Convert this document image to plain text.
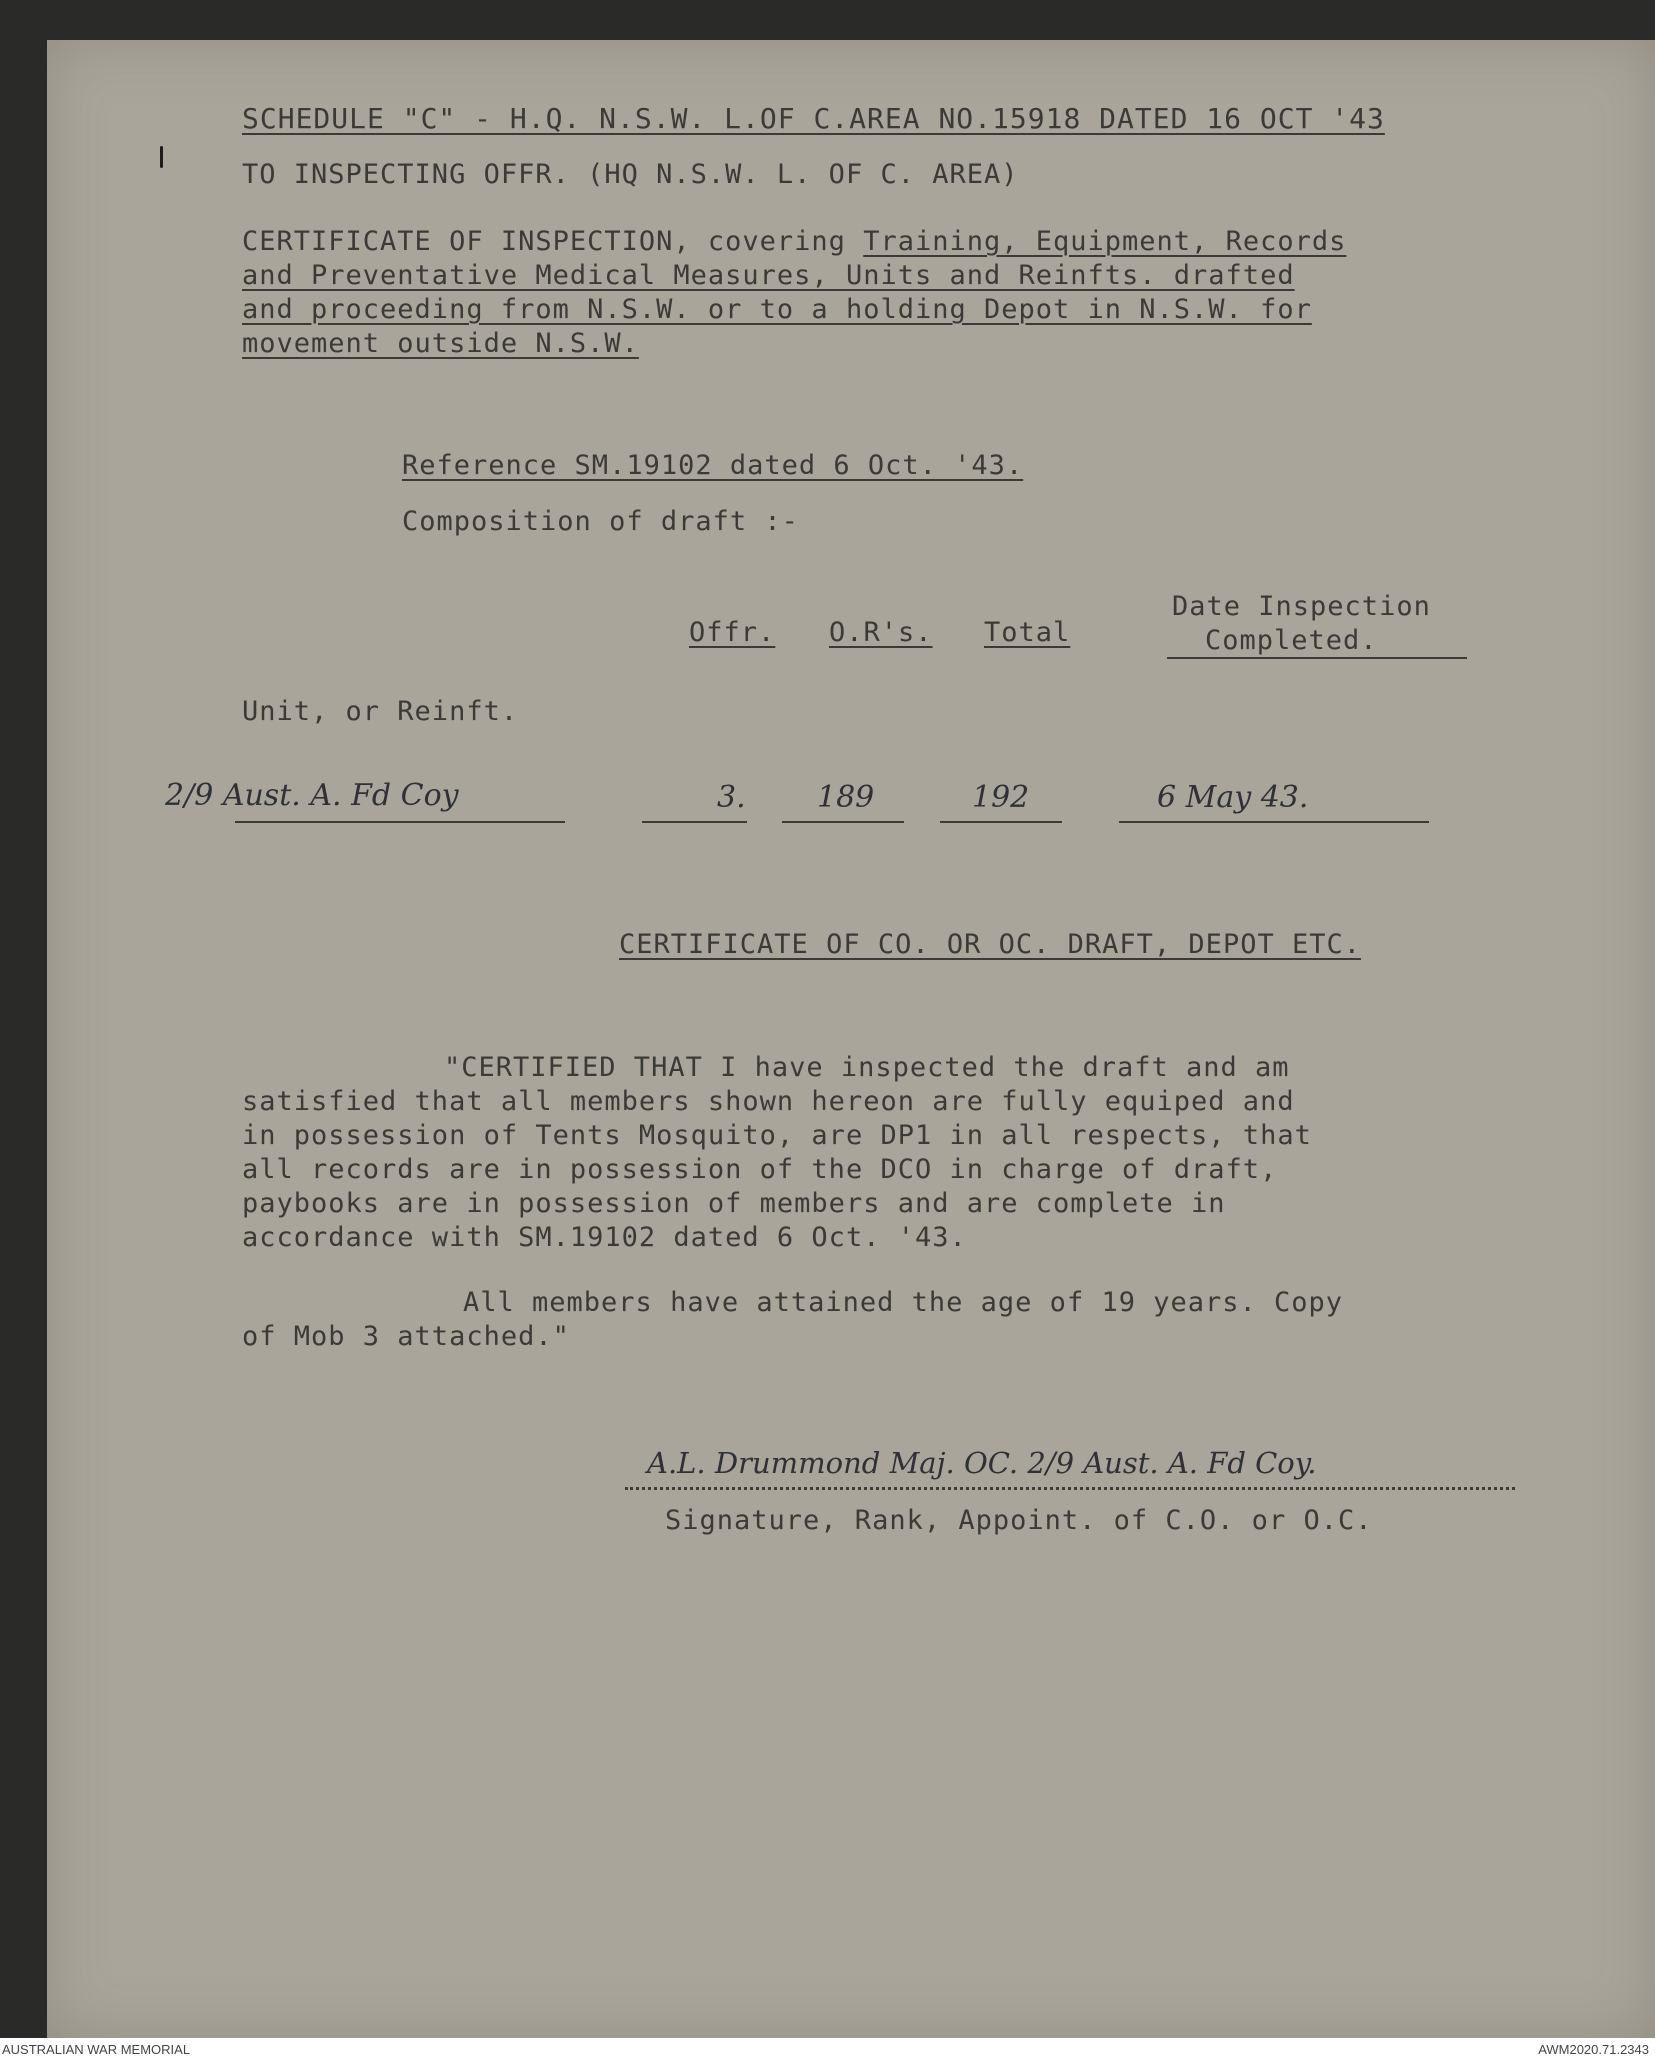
SCHEDULE "C" - H.Q. N.S.W. L.OF C.AREA NO.15918 DATED 16 OCT '43

TO INSPECTING OFFR. (HQ N.S.W. L. OF C. AREA)

CERTIFICATE OF INSPECTION, covering Training, Equipment, Records

and Preventative Medical Measures, Units and Reinfts. drafted

and proceeding from N.S.W. or to a holding Depot in N.S.W. for

movement outside N.S.W.

Reference SM.19102 dated 6 Oct. '43.

Composition of draft :-

Offr. O.R's. Total

Date Inspection

Completed.

Unit, or Reinft.

2/9 Aust. A. Fd Coy	3. 189	192	6 May 43.

CERTIFICATE OF CO. OR OC. DRAFT, DEPOT ETC.

"CERTIFIED THAT I have inspected the draft and am

satisfied that all members shown hereon are fully equiped and

in possession of Tents Mosquito, are DP1 in all respects, that

all records are in possession of the DCO in charge of draft,

paybooks are in possession of members and are complete in

accordance with SM.19102 dated 6 Oct. '43.

All members have attained the age of 19 years. Copy

of Mob 3 attached."

A.L. Drummond Maj. OC. 2/9 Aust. A. Fd Coy.

Signature, Rank, Appoint. of C.O. or O.C.

AUSTRALIAN WAR MEMORIAL	AWM2020.71.2343
